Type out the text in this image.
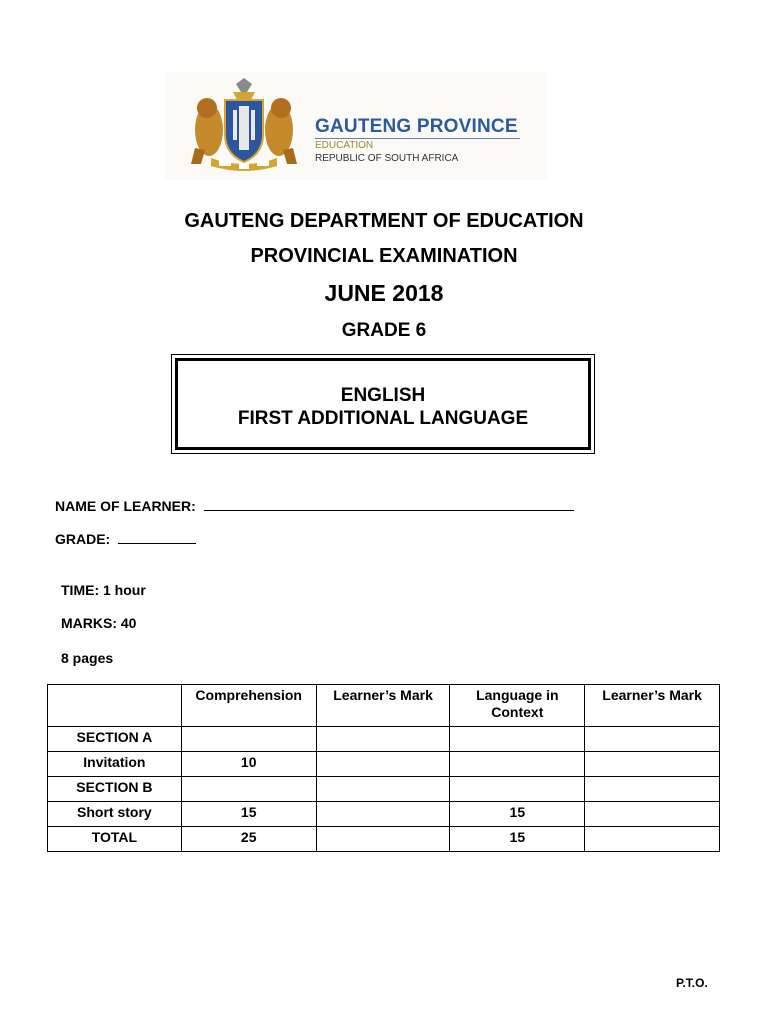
GAUTENG PROVINCE
EDUCATION
REPUBLIC OF SOUTH AFRICA
GAUTENG DEPARTMENT OF EDUCATION
PROVINCIAL EXAMINATION
JUNE 2018
GRADE 6
ENGLISH
FIRST ADDITIONAL LANGUAGE
NAME OF LEARNER:
GRADE:
TIME: 1 hour
MARKS: 40
8 pages
	Comprehension	Learner’s Mark	Language in Context	Learner’s Mark
SECTION A				
Invitation	10			
SECTION B				
Short story	15		15	
TOTAL	25		15	
P.T.O.
